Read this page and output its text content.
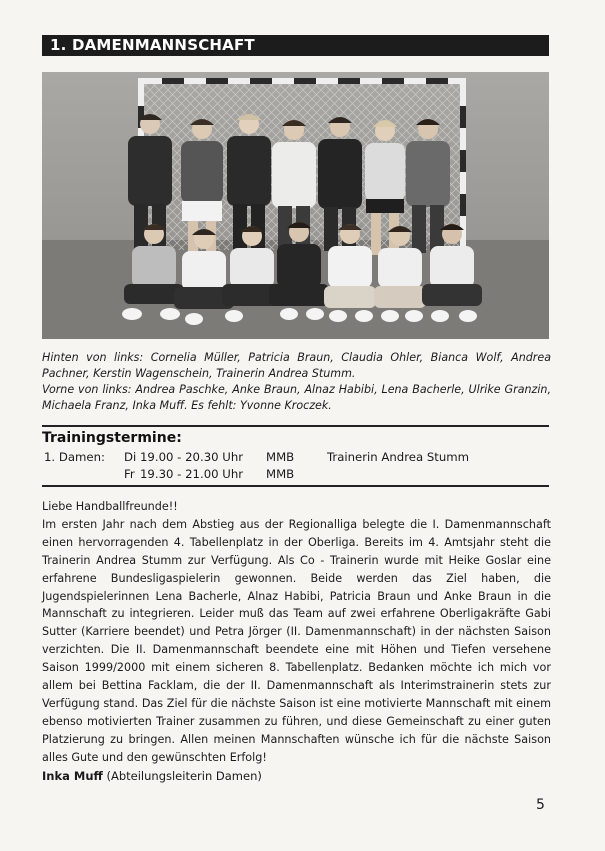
1. DAMENMANNSCHAFT

Hinten von links: Cornelia Müller, Patricia Braun, Claudia Ohler, Bianca Wolf, Andrea Pachner, Kerstin Wagenschein, Trainerin Andrea Stumm.

Vorne von links: Andrea Paschke, Anke Braun, Alnaz Habibi, Lena Bacherle, Ulrike Granzin, Michaela Franz, Inka Muff. Es fehlt: Yvonne Kroczek.

Trainingstermine:
1. Damen: Di 19.00 - 20.30 Uhr MMB	Trainerin Andrea Stumm
Fr 19.30 - 21.00 Uhr MMB

Liebe Handballfreunde!!

Im ersten Jahr nach dem Abstieg aus der Regionalliga belegte die I. Damenmannschaft einen hervorragenden 4. Tabellenplatz in der Oberliga. Bereits im 4. Amtsjahr steht die Trainerin Andrea Stumm zur Verfügung. Als Co - Trainerin wurde mit Heike Goslar eine erfahrene Bundesligaspielerin gewonnen. Beide werden das Ziel haben, die Jugendspielerinnen Lena Bacherle, Alnaz Habibi, Patricia Braun und Anke Braun in die Mannschaft zu integrieren. Leider muß das Team auf zwei erfahrene Oberligakräfte Gabi Sutter (Karriere beendet) und Petra Jörger (II. Damenmannschaft) in der nächsten Saison verzichten. Die II. Damenmannschaft beendete eine mit Höhen und Tiefen versehene Saison 1999/2000 mit einem sicheren 8. Tabellenplatz. Bedanken möchte ich mich vor allem bei Bettina Facklam, die der II. Damenmannschaft als Interimstrainerin stets zur Verfügung stand. Das Ziel für die nächste Saison ist eine motivierte Mannschaft mit einem ebenso motivierten Trainer zusammen zu führen, und diese Gemeinschaft zu einer guten Platzierung zu bringen. Allen meinen Mannschaften wünsche ich für die nächste Saison alles Gute und den gewünschten Erfolg!

Inka Muff (Abteilungsleiterin Damen)
5
